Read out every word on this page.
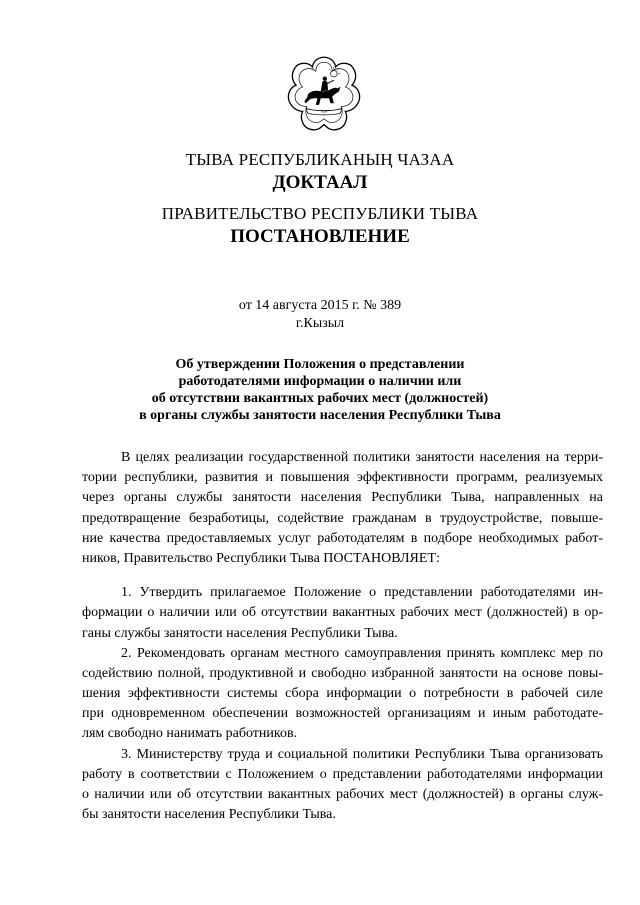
ТЫВА
ТЫВА РЕСПУБЛИКАНЫҢ ЧАЗАА
ДОКТААЛ
ПРАВИТЕЛЬСТВО РЕСПУБЛИКИ ТЫВА
ПОСТАНОВЛЕНИЕ
от 14 августа 2015 г. № 389
г.Кызыл
Об утверждении Положения о представлении
работодателями информации о наличии или
об отсутствии вакантных рабочих мест (должностей)
в органы службы занятости населения Республики Тыва
В целях реализации государственной политики занятости населения на терри-
тории республики, развития и повышения эффективности программ, реализуемых
через органы службы занятости населения Республики Тыва, направленных на
предотвращение безработицы, содействие гражданам в трудоустройстве, повыше-
ние качества предоставляемых услуг работодателям в подборе необходимых работ-
ников, Правительство Республики Тыва ПОСТАНОВЛЯЕТ:
1. Утвердить прилагаемое Положение о представлении работодателями ин-
формации о наличии или об отсутствии вакантных рабочих мест (должностей) в ор-
ганы службы занятости населения Республики Тыва.
2. Рекомендовать органам местного самоуправления принять комплекс мер по
содействию полной, продуктивной и свободно избранной занятости на основе повы-
шения эффективности системы сбора информации о потребности в рабочей силе
при одновременном обеспечении возможностей организациям и иным работодате-
лям свободно нанимать работников.
3. Министерству труда и социальной политики Республики Тыва организовать
работу в соответствии с Положением о представлении работодателями информации
о наличии или об отсутствии вакантных рабочих мест (должностей) в органы служ-
бы занятости населения Республики Тыва.
